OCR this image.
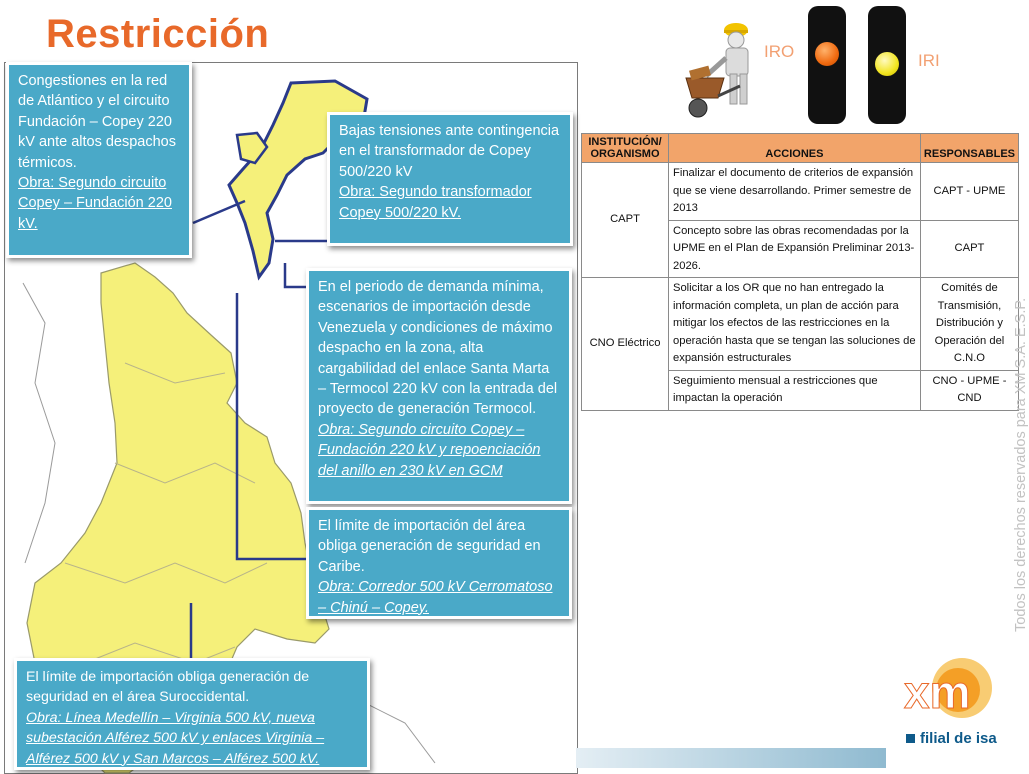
Restricción
Congestiones en la red de Atlántico y el circuito Fundación – Copey 220 kV ante altos despachos térmicos.
Obra: Segundo circuito Copey – Fundación 220 kV.
Bajas tensiones ante contingencia en el transformador de Copey 500/220 kV
Obra: Segundo transformador Copey 500/220 kV.
En el periodo de demanda mínima, escenarios de importación desde Venezuela y condiciones de máximo despacho en la zona, alta cargabilidad del enlace Santa Marta – Termocol 220 kV con la entrada del proyecto de generación Termocol.
Obra: Segundo circuito Copey – Fundación 220 kV y repoenciación del anillo en 230 kV en GCM
El límite de importación del área obliga generación de seguridad en Caribe.
Obra: Corredor 500 kV Cerromatoso – Chinú – Copey.
El límite de importación obliga generación de seguridad en el área Suroccidental.
Obra: Línea Medellín – Virginia 500 kV, nueva subestación Alférez 500 kV y enlaces Virginia – Alférez 500 kV y San Marcos – Alférez 500 kV.
IRO	IRI
INSTITUCIÓN/ ORGANISMO	ACCIONES	RESPONSABLES
CAPT	Finalizar el documento de criterios de expansión que se viene desarrollando. Primer semestre de 2013	CAPT - UPME
	Concepto sobre las obras recomendadas por la UPME en el Plan de Expansión Preliminar 2013-2026.	CAPT
CNO Eléctrico	Solicitar a los OR que no han entregado la información completa, un plan de acción para mitigar los efectos de las restricciones en la operación hasta que se tengan las soluciones de expansión estructurales	Comités de Transmisión, Distribución y Operación del C.N.O
	Seguimiento mensual a restricciones que impactan la operación	CNO - UPME - CND Todos los derechos reservados para XM S.A. E.S.P.
xm
filial de isa
